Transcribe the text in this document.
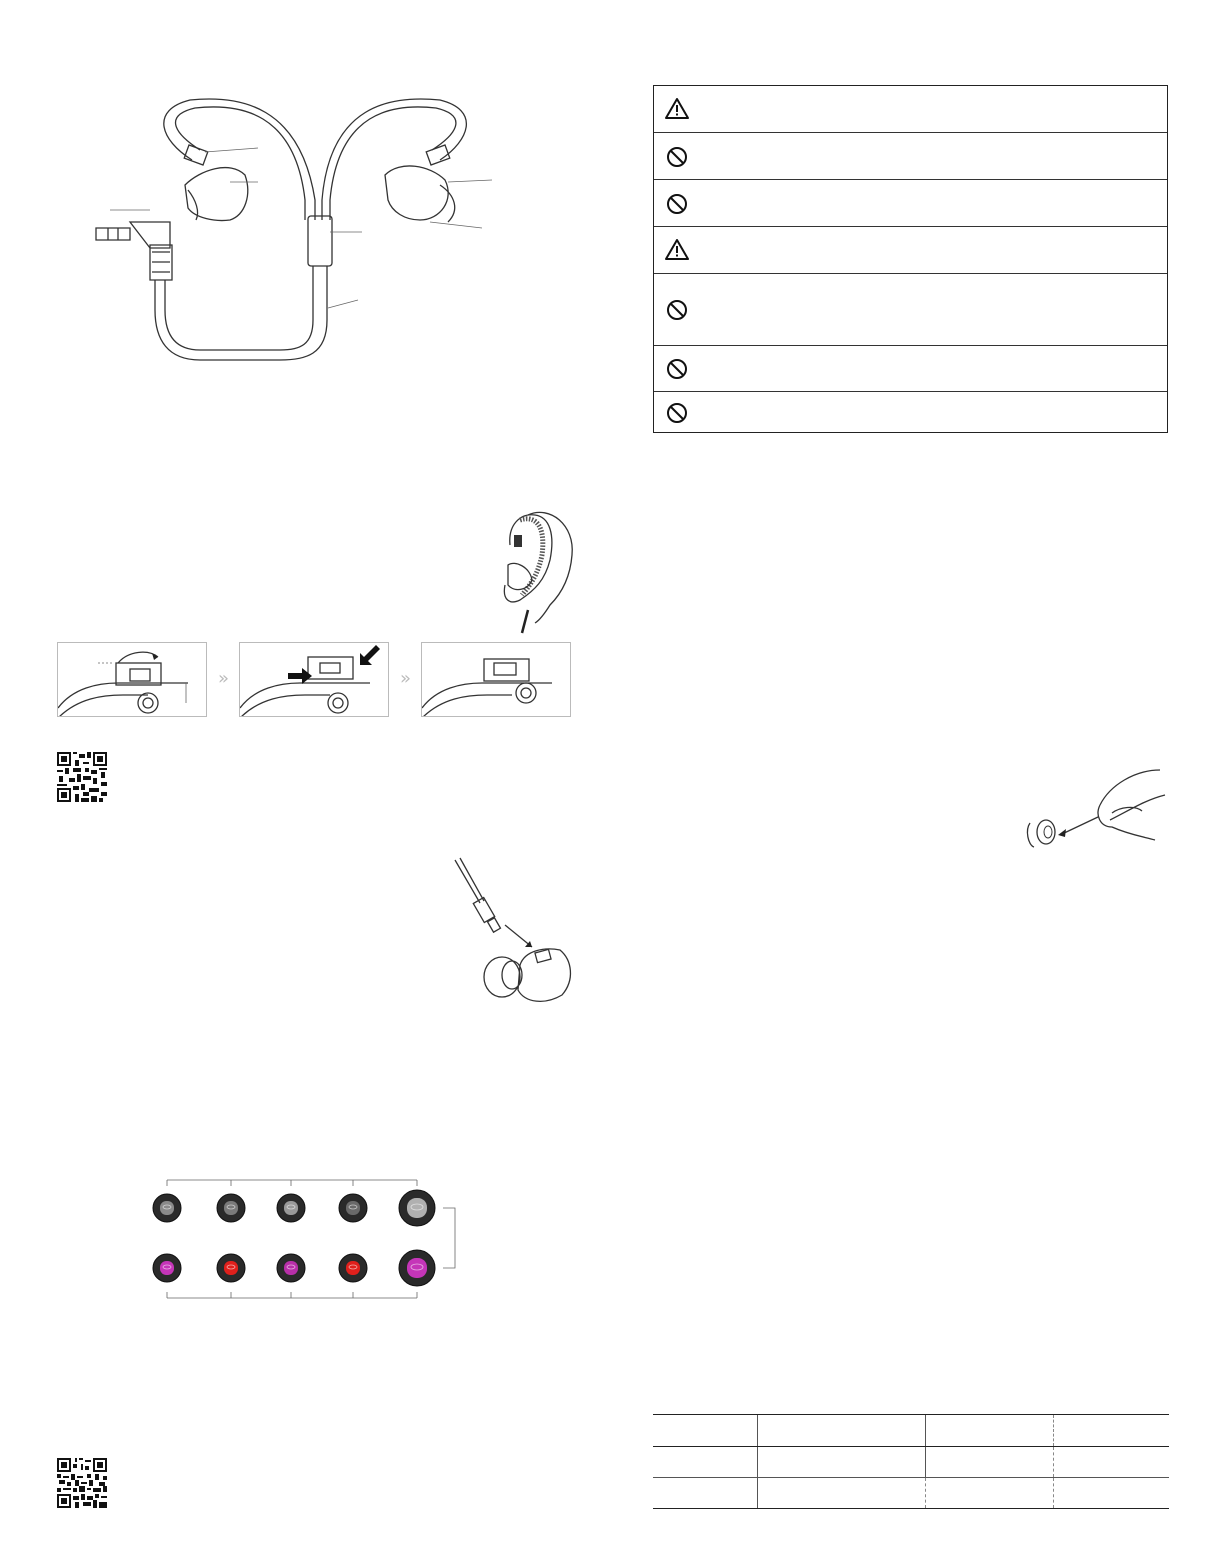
»	»
